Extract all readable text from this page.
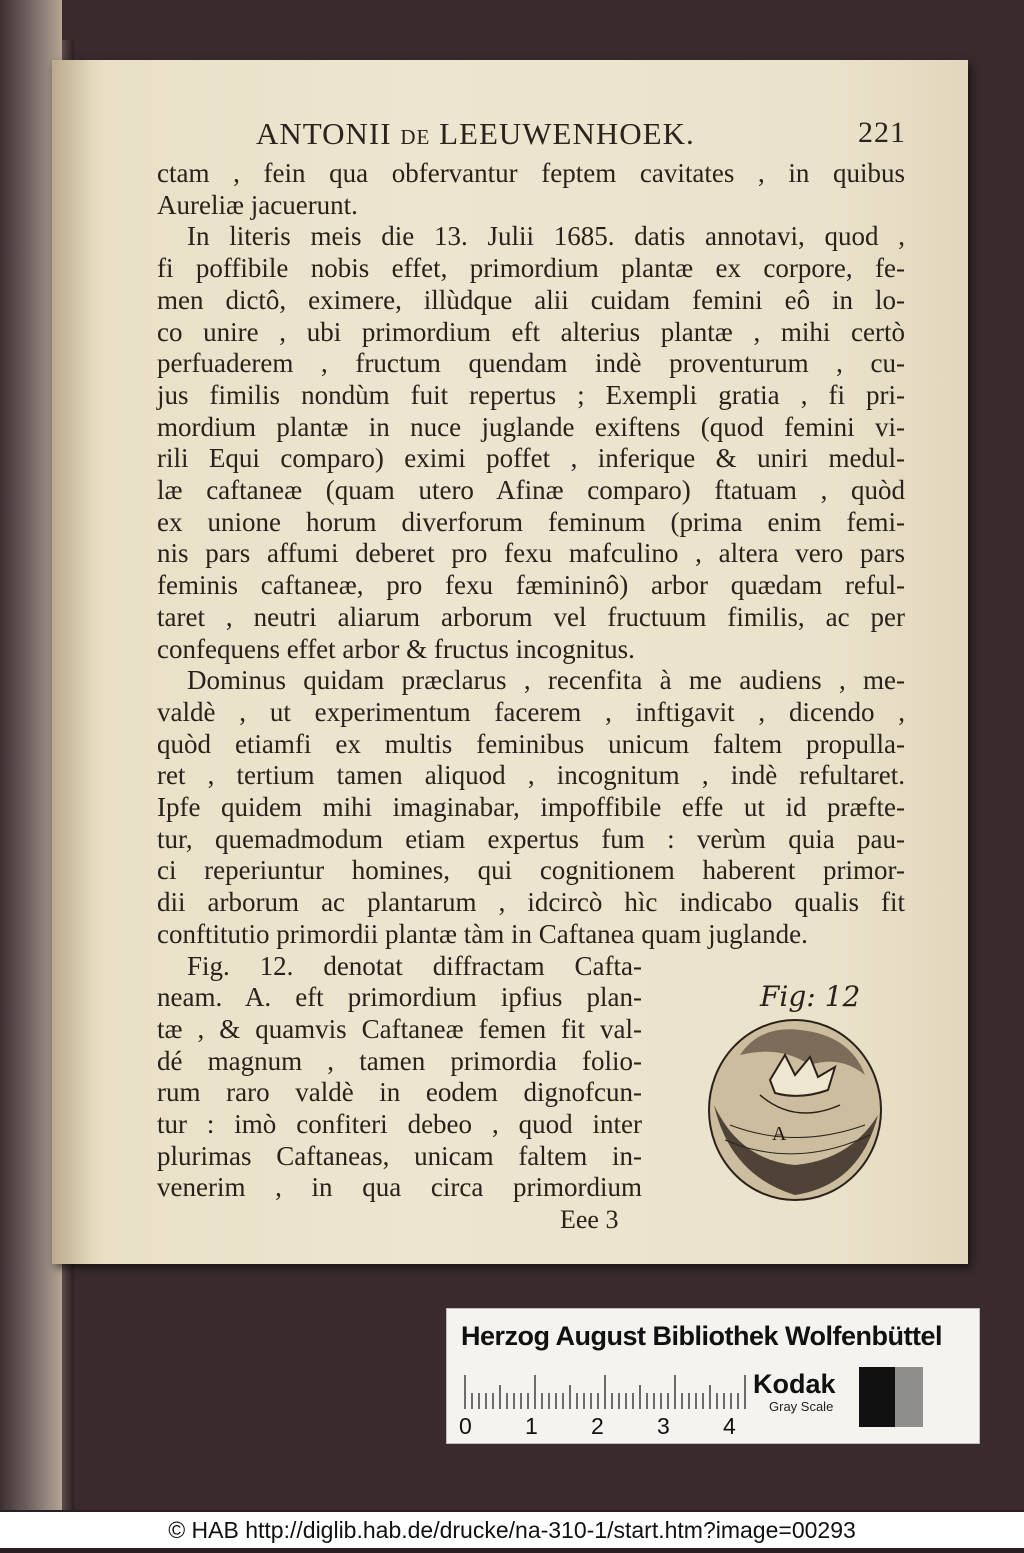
ANTONII DE LEEUWENHOEK.	221
ctam , fein qua obfervantur feptem cavitates , in quibus
Aureliæ jacuerunt.
In literis meis die 13. Julii 1685. datis annotavi, quod ,
fi poffibile nobis effet, primordium plantæ ex corpore, fe-
men dictô, eximere, illùdque alii cuidam femini eô in lo-
co unire , ubi primordium eft alterius plantæ , mihi certò
perfuaderem , fructum quendam indè proventurum , cu-
jus fimilis nondùm fuit repertus ; Exempli gratia , fi pri-
mordium plantæ in nuce juglande exiftens (quod femini vi-
rili Equi comparo) eximi poffet , inferique & uniri medul-
læ caftaneæ (quam utero Afinæ comparo) ftatuam , quòd
ex unione horum diverforum feminum (prima enim femi-
nis pars affumi deberet pro fexu mafculino , altera vero pars
feminis caftaneæ, pro fexu fæmininô) arbor quædam reful-
taret , neutri aliarum arborum vel fructuum fimilis, ac per
confequens effet arbor & fructus incognitus.
Dominus quidam præclarus , recenfita à me audiens , me-
valdè , ut experimentum facerem , inftigavit , dicendo ,
quòd etiamfi ex multis feminibus unicum faltem propulla-
ret , tertium tamen aliquod , incognitum , indè refultaret.
Ipfe quidem mihi imaginabar, impoffibile effe ut id præfte-
tur, quemadmodum etiam expertus fum : verùm quia pau-
ci reperiuntur homines, qui cognitionem haberent primor-
dii arborum ac plantarum , idcircò hìc indicabo qualis fit
conftitutio primordii plantæ tàm in Caftanea quam juglande.
Fig. 12. denotat diffractam Cafta-
neam. A. eft primordium ipfius plan-
tæ , & quamvis Caftaneæ femen fit val-
dé magnum , tamen primordia folio-
rum raro valdè in eodem dignofcun-
tur : imò confiteri debeo , quod inter
plurimas Caftaneas, unicam faltem in-
venerim , in qua circa primordium
Eee 3
Fig: 12
A
Herzog August Bibliothek Wolfenbüttel
0 1 2 3 4
Kodak
Gray Scale
© HAB http://diglib.hab.de/drucke/na-310-1/start.htm?image=00293
